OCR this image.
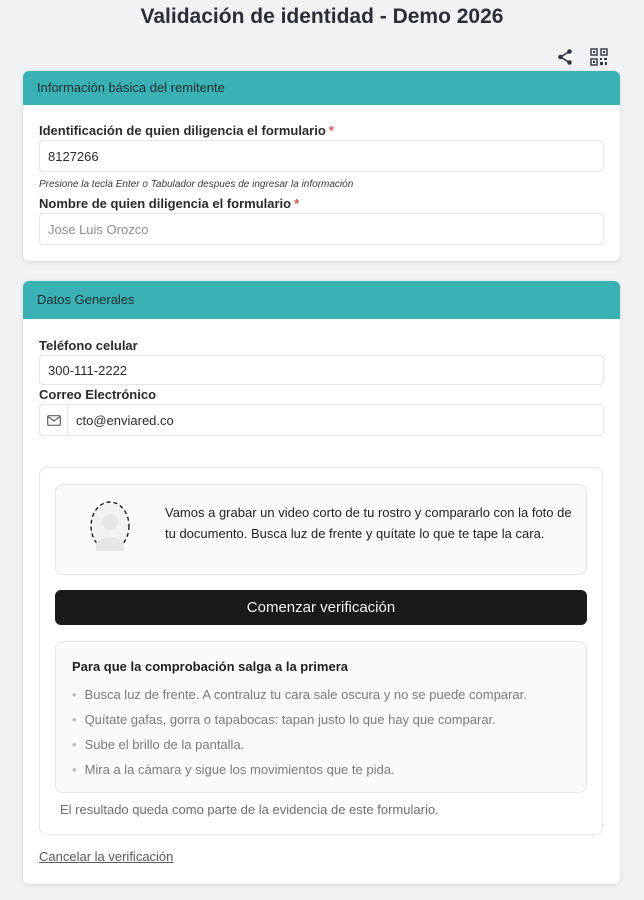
Validación de identidad - Demo 2026
Información básica del remitente
Identificación de quien diligencia el formulario *
8127266
Presione la tecla Enter o Tabulador despues de ingresar la información
Nombre de quien diligencia el formulario *
Jose Luis Orozco
Datos Generales
Teléfono celular
300-111-2222
Correo Electrónico
cto@enviared.co
Vamos a grabar un video corto de tu rostro y compararlo con la foto de tu documento. Busca luz de frente y quítate lo que te tape la cara.
Comenzar verificación
Para que la comprobación salga a la primera
• Busca luz de frente. A contraluz tu cara sale oscura y no se puede comparar.
• Quítate gafas, gorra o tapabocas: tapan justo lo que hay que comparar.
• Sube el brillo de la pantalla.
• Mira a la cámara y sigue los movimientos que te pida.
El resultado queda como parte de la evidencia de este formulario.
Cancelar la verificación
